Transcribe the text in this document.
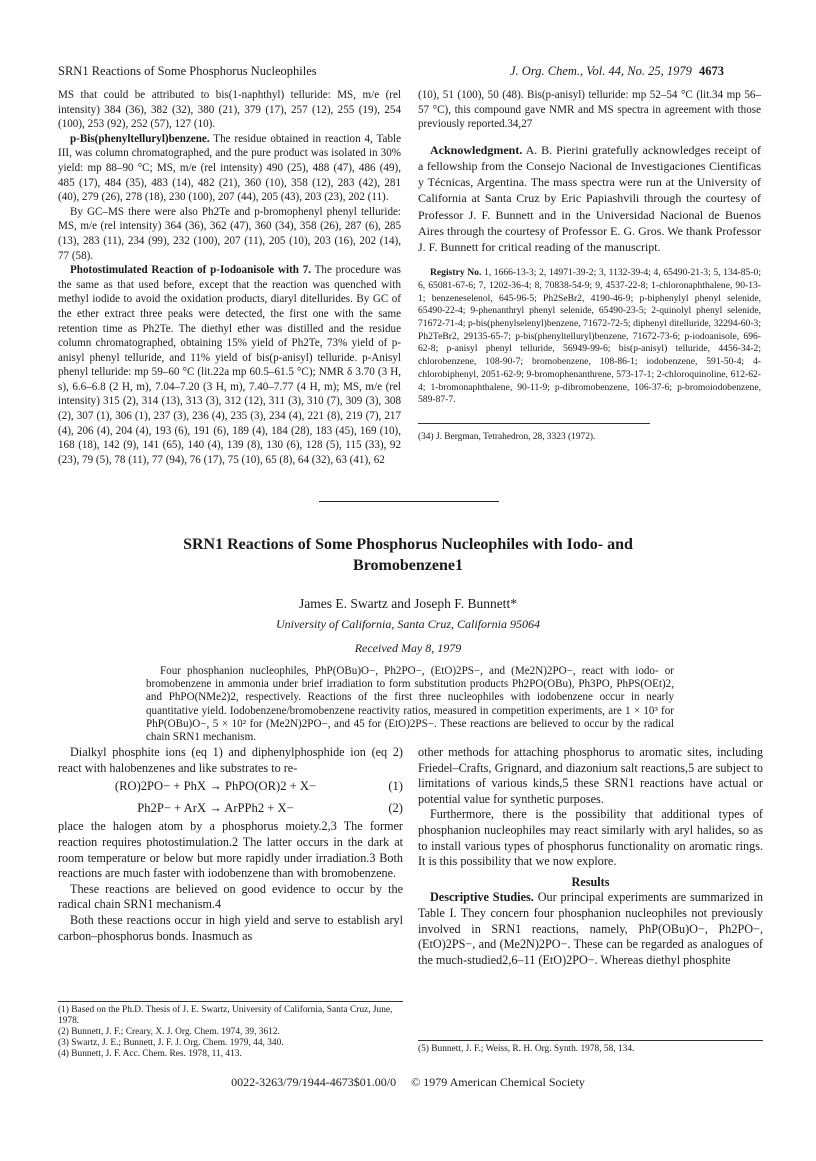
SRN1 Reactions of Some Phosphorus Nucleophiles	J. Org. Chem., Vol. 44, No. 25, 1979 4673

MS that could be attributed to bis(1-naphthyl) telluride: MS, m/e (rel intensity) 384 (36), 382 (32), 380 (21), 379 (17), 257 (12), 255 (19), 254 (100), 253 (92), 252 (57), 127 (10).

p-Bis(phenyltelluryl)benzene. The residue obtained in reaction 4, Table III, was column chromatographed, and the pure product was isolated in 30% yield: mp 88–90 °C; MS, m/e (rel intensity) 490 (25), 488 (47), 486 (49), 485 (17), 484 (35), 483 (14), 482 (21), 360 (10), 358 (12), 283 (42), 281 (40), 279 (26), 278 (18), 230 (100), 207 (44), 205 (43), 203 (23), 202 (11).

By GC–MS there were also Ph2Te and p-bromophenyl phenyl telluride: MS, m/e (rel intensity) 364 (36), 362 (47), 360 (34), 358 (26), 287 (6), 285 (13), 283 (11), 234 (99), 232 (100), 207 (11), 205 (10), 203 (16), 202 (14), 77 (58).

Photostimulated Reaction of p-Iodoanisole with 7. The procedure was the same as that used before, except that the reaction was quenched with methyl iodide to avoid the oxidation products, diaryl ditellurides. By GC of the ether extract three peaks were detected, the first one with the same retention time as Ph2Te. The diethyl ether was distilled and the residue column chromatographed, obtaining 15% yield of Ph2Te, 73% yield of p-anisyl phenyl telluride, and 11% yield of bis(p-anisyl) telluride. p-Anisyl phenyl telluride: mp 59–60 °C (lit.22a mp 60.5–61.5 °C); NMR δ 3.70 (3 H, s), 6.6–6.8 (2 H, m), 7.04–7.20 (3 H, m), 7.40–7.77 (4 H, m); MS, m/e (rel intensity) 315 (2), 314 (13), 313 (3), 312 (12), 311 (3), 310 (7), 309 (3), 308 (2), 307 (1), 306 (1), 237 (3), 236 (4), 235 (3), 234 (4), 221 (8), 219 (7), 217 (4), 206 (4), 204 (4), 193 (6), 191 (6), 189 (4), 184 (28), 183 (45), 169 (10), 168 (18), 142 (9), 141 (65), 140 (4), 139 (8), 130 (6), 128 (5), 115 (33), 92 (23), 79 (5), 78 (11), 77 (94), 76 (17), 75 (10), 65 (8), 64 (32), 63 (41), 62

(10), 51 (100), 50 (48). Bis(p-anisyl) telluride: mp 52–54 °C (lit.34 mp 56–57 °C), this compound gave NMR and MS spectra in agreement with those previously reported.34,27

Acknowledgment. A. B. Pierini gratefully acknowledges receipt of a fellowship from the Consejo Nacional de Investigaciones Cientificas y Técnicas, Argentina. The mass spectra were run at the University of California at Santa Cruz by Eric Papiashvili through the courtesy of Professor J. F. Bunnett and in the Universidad Nacional de Buenos Aires through the courtesy of Professor E. G. Gros. We thank Professor J. F. Bunnett for critical reading of the manuscript.

Registry No. 1, 1666-13-3; 2, 14971-39-2; 3, 1132-39-4; 4, 65490-21-3; 5, 134-85-0; 6, 65081-67-6; 7, 1202-36-4; 8, 70838-54-9; 9, 4537-22-8; 1-chloronaphthalene, 90-13-1; benzeneselenol, 645-96-5; Ph2SeBr2, 4190-46-9; p-biphenylyl phenyl selenide, 65490-22-4; 9-phenanthryl phenyl selenide, 65490-23-5; 2-quinolyl phenyl selenide, 71672-71-4; p-bis(phenylselenyl)benzene, 71672-72-5; diphenyl ditelluride, 32294-60-3; Ph2TeBr2, 29135-65-7; p-bis(phenyltelluryl)benzene, 71672-73-6; p-iodoanisole, 696-62-8; p-anisyl phenyl telluride, 56949-99-6; bis(p-anisyl) telluride, 4456-34-2; chlorobenzene, 108-90-7; bromobenzene, 108-86-1; iodobenzene, 591-50-4; 4-chlorobiphenyl, 2051-62-9; 9-bromophenanthrene, 573-17-1; 2-chloroquinoline, 612-62-4; 1-bromonaphthalene, 90-11-9; p-dibromobenzene, 106-37-6; p-bromoiodobenzene, 589-87-7.

(34) J. Bergman, Tetrahedron, 28, 3323 (1972).
SRN1 Reactions of Some Phosphorus Nucleophiles with Iodo- and Bromobenzene1
James E. Swartz and Joseph F. Bunnett*
University of California, Santa Cruz, California 95064
Received May 8, 1979

Four phosphanion nucleophiles, PhP(OBu)O−, Ph2PO−, (EtO)2PS−, and (Me2N)2PO−, react with iodo- or bromobenzene in ammonia under brief irradiation to form substitution products Ph2PO(OBu), Ph3PO, PhPS(OEt)2, and PhPO(NMe2)2, respectively. Reactions of the first three nucleophiles with iodobenzene occur in nearly quantitative yield. Iodobenzene/bromobenzene reactivity ratios, measured in competition experiments, are 1 × 10³ for PhP(OBu)O−, 5 × 10² for (Me2N)2PO−, and 45 for (EtO)2PS−. These reactions are believed to occur by the radical chain SRN1 mechanism.

Dialkyl phosphite ions (eq 1) and diphenylphosphide ion (eq 2) react with halobenzenes and like substrates to re-

(RO)2PO− + PhX → PhPO(OR)2 + X−	(1)
Ph2P− + ArX → ArPPh2 + X−	(2)

place the halogen atom by a phosphorus moiety.2,3 The former reaction requires photostimulation.2 The latter occurs in the dark at room temperature or below but more rapidly under irradiation.3 Both reactions are much faster with iodobenzene than with bromobenzene.

These reactions are believed on good evidence to occur by the radical chain SRN1 mechanism.4

Both these reactions occur in high yield and serve to establish aryl carbon–phosphorus bonds. Inasmuch as

other methods for attaching phosphorus to aromatic sites, including Friedel–Crafts, Grignard, and diazonium salt reactions,5 are subject to limitations of various kinds,5 these SRN1 reactions have actual or potential value for synthetic purposes.

Furthermore, there is the possibility that additional types of phosphanion nucleophiles may react similarly with aryl halides, so as to install various types of phosphorus functionality on aromatic rings. It is this possibility that we now explore.

Results

Descriptive Studies. Our principal experiments are summarized in Table I. They concern four phosphanion nucleophiles not previously involved in SRN1 reactions, namely, PhP(OBu)O−, Ph2PO−, (EtO)2PS−, and (Me2N)2PO−. These can be regarded as analogues of the much-studied2,6–11 (EtO)2PO−. Whereas diethyl phosphite

(1) Based on the Ph.D. Thesis of J. E. Swartz, University of California, Santa Cruz, June, 1978.
(2) Bunnett, J. F.; Creary, X. J. Org. Chem. 1974, 39, 3612.
(3) Swartz, J. E.; Bunnett, J. F. J. Org. Chem. 1979, 44, 340.
(4) Bunnett, J. F. Acc. Chem. Res. 1978, 11, 413.	(5) Bunnett, J. F.; Weiss, R. H. Org. Synth. 1978, 58, 134.
0022-3263/79/1944-4673$01.00/0 © 1979 American Chemical Society
